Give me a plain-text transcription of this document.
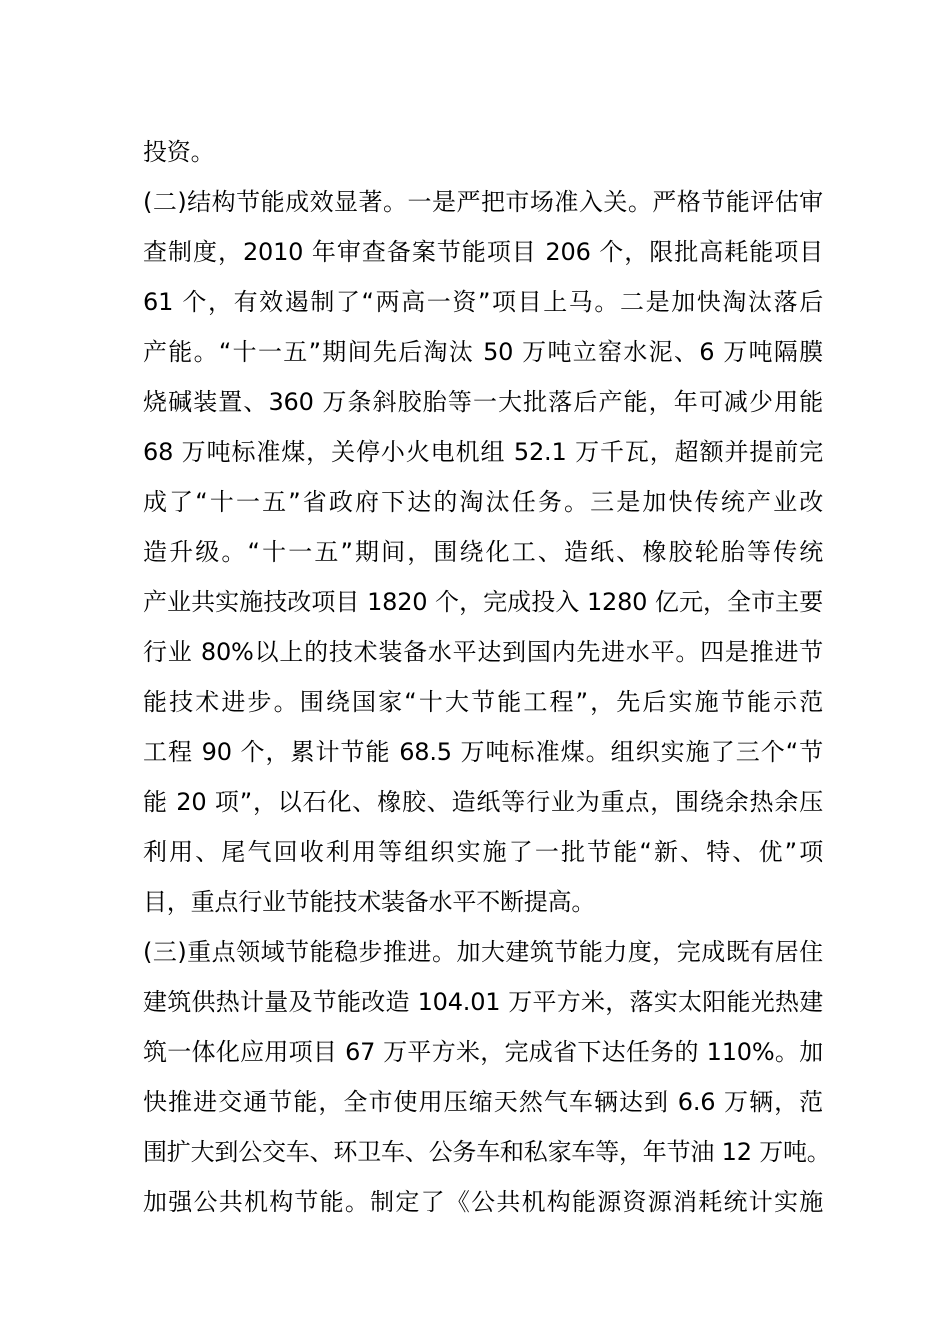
投资。
(二)结构节能成效显著。一是严把市场准入关。严格节能评估审
查制度，2010 年审查备案节能项目 206 个，限批高耗能项目
61 个，有效遏制了“两高一资”项目上马。二是加快淘汰落后
产能。“十一五”期间先后淘汰 50 万吨立窑水泥、6 万吨隔膜
烧碱装置、360 万条斜胶胎等一大批落后产能，年可减少用能
68 万吨标准煤，关停小火电机组 52.1 万千瓦，超额并提前完
成了“十一五”省政府下达的淘汰任务。三是加快传统产业改
造升级。“十一五”期间，围绕化工、造纸、橡胶轮胎等传统
产业共实施技改项目 1820 个，完成投入 1280 亿元，全市主要
行业 80%以上的技术装备水平达到国内先进水平。四是推进节
能技术进步。围绕国家“十大节能工程”，先后实施节能示范
工程 90 个，累计节能 68.5 万吨标准煤。组织实施了三个“节
能 20 项”，以石化、橡胶、造纸等行业为重点，围绕余热余压
利用、尾气回收利用等组织实施了一批节能“新、特、优”项
目，重点行业节能技术装备水平不断提高。
(三)重点领域节能稳步推进。加大建筑节能力度，完成既有居住
建筑供热计量及节能改造 104.01 万平方米，落实太阳能光热建
筑一体化应用项目 67 万平方米，完成省下达任务的 110%。加
快推进交通节能，全市使用压缩天然气车辆达到 6.6 万辆，范
围扩大到公交车、环卫车、公务车和私家车等，年节油 12 万吨。
加强公共机构节能。制定了《公共机构能源资源消耗统计实施
